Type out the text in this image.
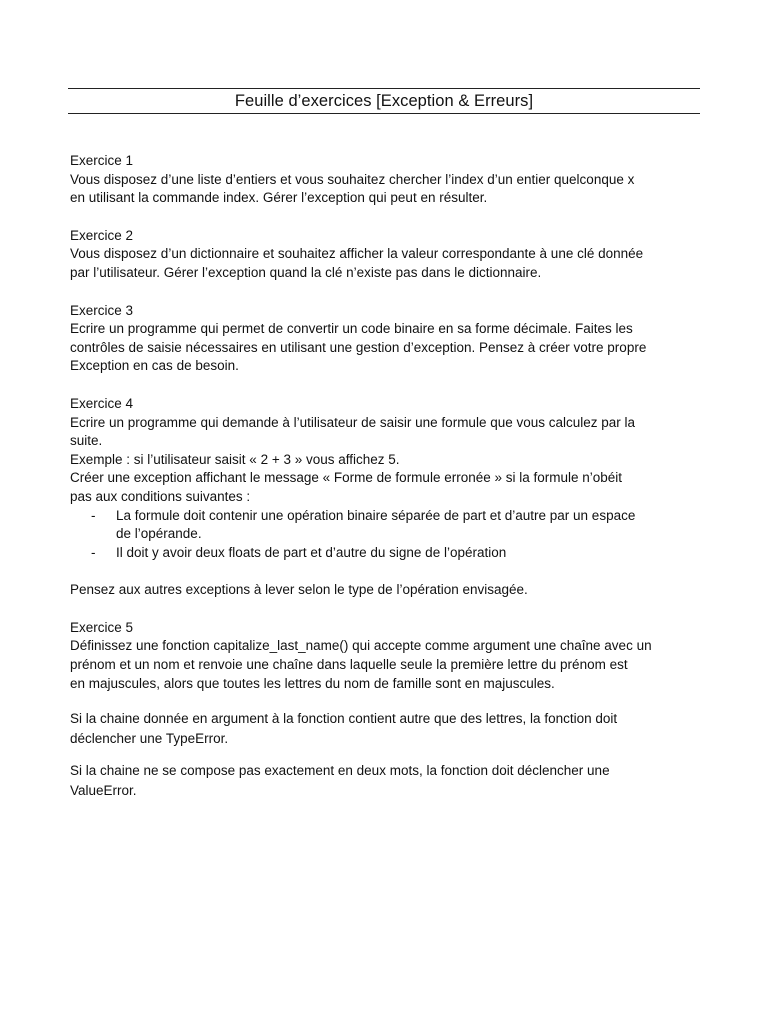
Feuille d’exercices [Exception & Erreurs]
Exercice 1
Vous disposez d’une liste d’entiers et vous souhaitez chercher l’index d’un entier quelconque x
en utilisant la commande index. Gérer l’exception qui peut en résulter.
Exercice 2
Vous disposez d’un dictionnaire et souhaitez afficher la valeur correspondante à une clé donnée
par l’utilisateur. Gérer l’exception quand la clé n’existe pas dans le dictionnaire.
Exercice 3
Ecrire un programme qui permet de convertir un code binaire en sa forme décimale. Faites les
contrôles de saisie nécessaires en utilisant une gestion d’exception. Pensez à créer votre propre
Exception en cas de besoin.
Exercice 4
Ecrire un programme qui demande à l’utilisateur de saisir une formule que vous calculez par la
suite.
Exemple : si l’utilisateur saisit « 2 + 3 » vous affichez 5.
Créer une exception affichant le message « Forme de formule erronée » si la formule n’obéit
pas aux conditions suivantes :
- La formule doit contenir une opération binaire séparée de part et d’autre par un espace
de l’opérande.
- Il doit y avoir deux floats de part et d’autre du signe de l’opération
Pensez aux autres exceptions à lever selon le type de l’opération envisagée.
Exercice 5
Définissez une fonction capitalize_last_name() qui accepte comme argument une chaîne avec un
prénom et un nom et renvoie une chaîne dans laquelle seule la première lettre du prénom est
en majuscules, alors que toutes les lettres du nom de famille sont en majuscules.
Si la chaine donnée en argument à la fonction contient autre que des lettres, la fonction doit
déclencher une TypeError.
Si la chaine ne se compose pas exactement en deux mots, la fonction doit déclencher une
ValueError.
